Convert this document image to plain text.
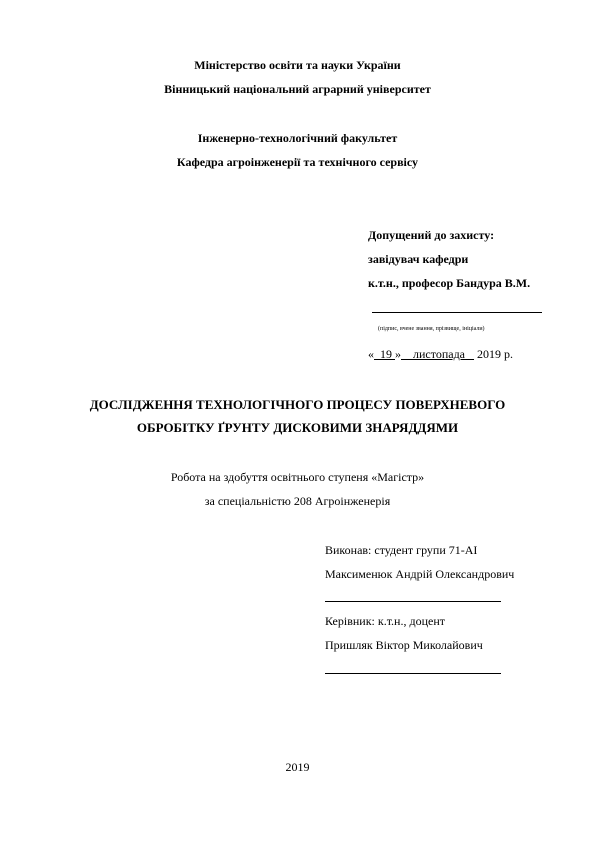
Міністерство освіти та науки України
Вінницький національний аграрний університет
Інженерно-технологічний факультет
Кафедра агроінженерії та технічного сервісу
Допущений до захисту:
завідувач кафедри
к.т.н., професор Бандура В.М.
(підпис, вчене звання, прізвище, ініціали)
« 19 » листопада 2019 р.
ДОСЛІДЖЕННЯ ТЕХНОЛОГІЧНОГО ПРОЦЕСУ ПОВЕРХНЕВОГО
ОБРОБІТКУ ҐРУНТУ ДИСКОВИМИ ЗНАРЯДДЯМИ
Робота на здобуття освітнього ступеня «Магістр»
за спеціальністю 208 Агроінженерія
Виконав: студент групи 71-АІ
Максименюк Андрій Олександрович
Керівник: к.т.н., доцент
Пришляк Віктор Миколайович
2019
